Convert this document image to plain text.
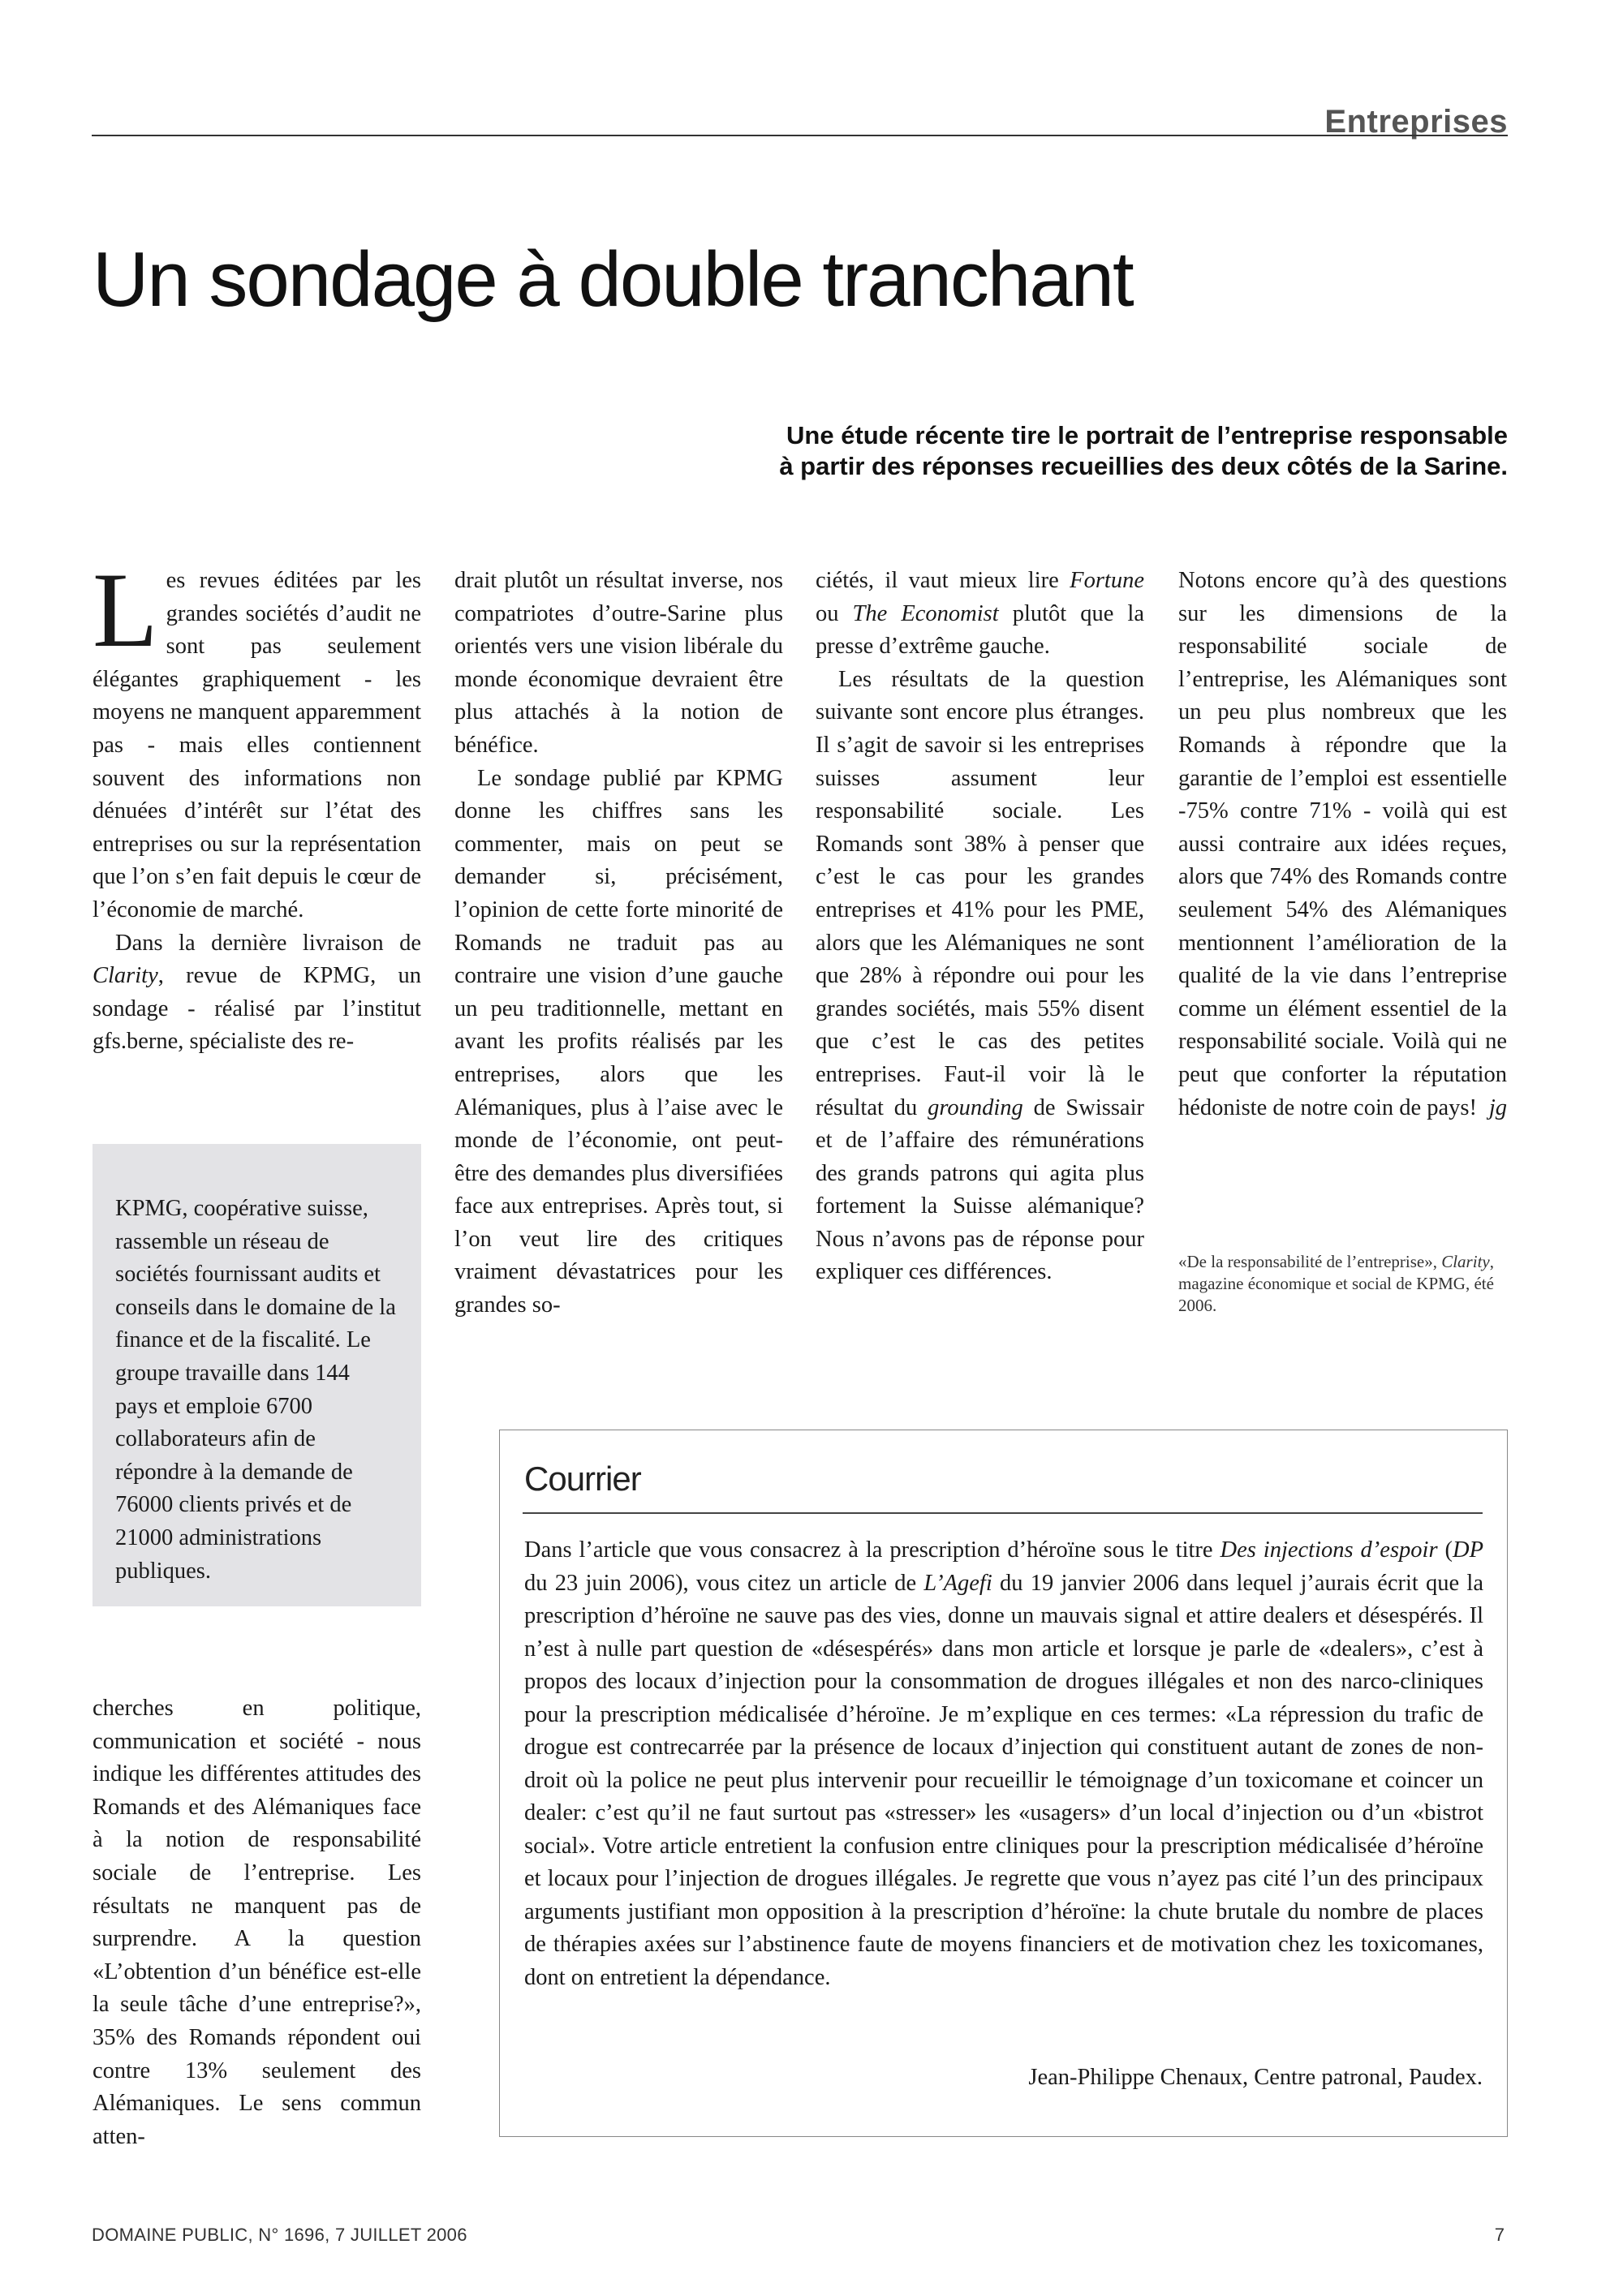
Entreprises
Un sondage à double tranchant
Une étude récente tire le portrait de l’entreprise responsable
à partir des réponses recueillies des deux côtés de la Sarine.

Les revues éditées par les grandes sociétés d’audit ne sont pas seulement élégantes graphiquement - les moyens ne manquent apparemment pas - mais elles contiennent souvent des informations non dénuées d’intérêt sur l’état des entreprises ou sur la représentation que l’on s’en fait depuis le cœur de l’économie de marché.

Dans la dernière livraison de Clarity, revue de KPMG, un sondage - réalisé par l’institut gfs.berne, spécialiste des re-

KPMG, coopérative suisse, rassemble un réseau de sociétés fournissant audits et conseils dans le domaine de la finance et de la fiscalité. Le groupe travaille dans 144 pays et emploie 6700 collaborateurs afin de répondre à la demande de 76000 clients privés et de 21000 administrations publiques.

cherches en politique, communication et société - nous indique les différentes attitudes des Romands et des Alémaniques face à la notion de responsabilité sociale de l’entreprise. Les résultats ne manquent pas de surprendre. A la question «L’obtention d’un bénéfice est-elle la seule tâche d’une entreprise?», 35% des Romands répondent oui contre 13% seulement des Alémaniques. Le sens commun atten-

drait plutôt un résultat inverse, nos compatriotes d’outre-Sarine plus orientés vers une vision libérale du monde économique devraient être plus attachés à la notion de bénéfice.

Le sondage publié par KPMG donne les chiffres sans les commenter, mais on peut se demander si, précisément, l’opinion de cette forte minorité de Romands ne traduit pas au contraire une vision d’une gauche un peu traditionnelle, mettant en avant les profits réalisés par les entreprises, alors que les Alémaniques, plus à l’aise avec le monde de l’économie, ont peut-être des demandes plus diversifiées face aux entreprises. Après tout, si l’on veut lire des critiques vraiment dévastatrices pour les grandes so-

ciétés, il vaut mieux lire Fortune ou The Economist plutôt que la presse d’extrême gauche.

Les résultats de la question suivante sont encore plus étranges. Il s’agit de savoir si les entreprises suisses assument leur responsabilité sociale. Les Romands sont 38% à penser que c’est le cas pour les grandes entreprises et 41% pour les PME, alors que les Alémaniques ne sont que 28% à répondre oui pour les grandes sociétés, mais 55% disent que c’est le cas des petites entreprises. Faut-il voir là le résultat du grounding de Swissair et de l’affaire des rémunérations des grands patrons qui agita plus fortement la Suisse alémanique? Nous n’avons pas de réponse pour expliquer ces différences.

Notons encore qu’à des questions sur les dimensions de la responsabilité sociale de l’entreprise, les Alémaniques sont un peu plus nombreux que les Romands à répondre que la garantie de l’emploi est essentielle -75% contre 71% - voilà qui est aussi contraire aux idées reçues, alors que 74% des Romands contre seulement 54% des Alémaniques mentionnent l’amélioration de la qualité de la vie dans l’entreprise comme un élément essentiel de la responsabilité sociale. Voilà qui ne peut que conforter la réputation hédoniste de notre coin de pays! jg
«De la responsabilité de l’entreprise», Clarity, magazine économique et social de KPMG, été 2006.
Courrier
Dans l’article que vous consacrez à la prescription d’héroïne sous le titre Des injections d’espoir (DP du 23 juin 2006), vous citez un article de L’Agefi du 19 janvier 2006 dans lequel j’aurais écrit que la prescription d’héroïne ne sauve pas des vies, donne un mauvais signal et attire dealers et désespérés. Il n’est à nulle part question de «désespérés» dans mon article et lorsque je parle de «dealers», c’est à propos des locaux d’injection pour la consommation de drogues illégales et non des narco-cliniques pour la prescription médicalisée d’héroïne. Je m’explique en ces termes: «La répression du trafic de drogue est contrecarrée par la présence de locaux d’injection qui constituent autant de zones de non-droit où la police ne peut plus intervenir pour recueillir le témoignage d’un toxicomane et coincer un dealer: c’est qu’il ne faut surtout pas «stresser» les «usagers» d’un local d’injection ou d’un «bistrot social». Votre article entretient la confusion entre cliniques pour la prescription médicalisée d’héroïne et locaux pour l’injection de drogues illégales. Je regrette que vous n’ayez pas cité l’un des principaux arguments justifiant mon opposition à la prescription d’héroïne: la chute brutale du nombre de places de thérapies axées sur l’abstinence faute de moyens financiers et de motivation chez les toxicomanes, dont on entretient la dépendance.
Jean-Philippe Chenaux, Centre patronal, Paudex.
DOMAINE PUBLIC, N° 1696, 7 JUILLET 2006	7
